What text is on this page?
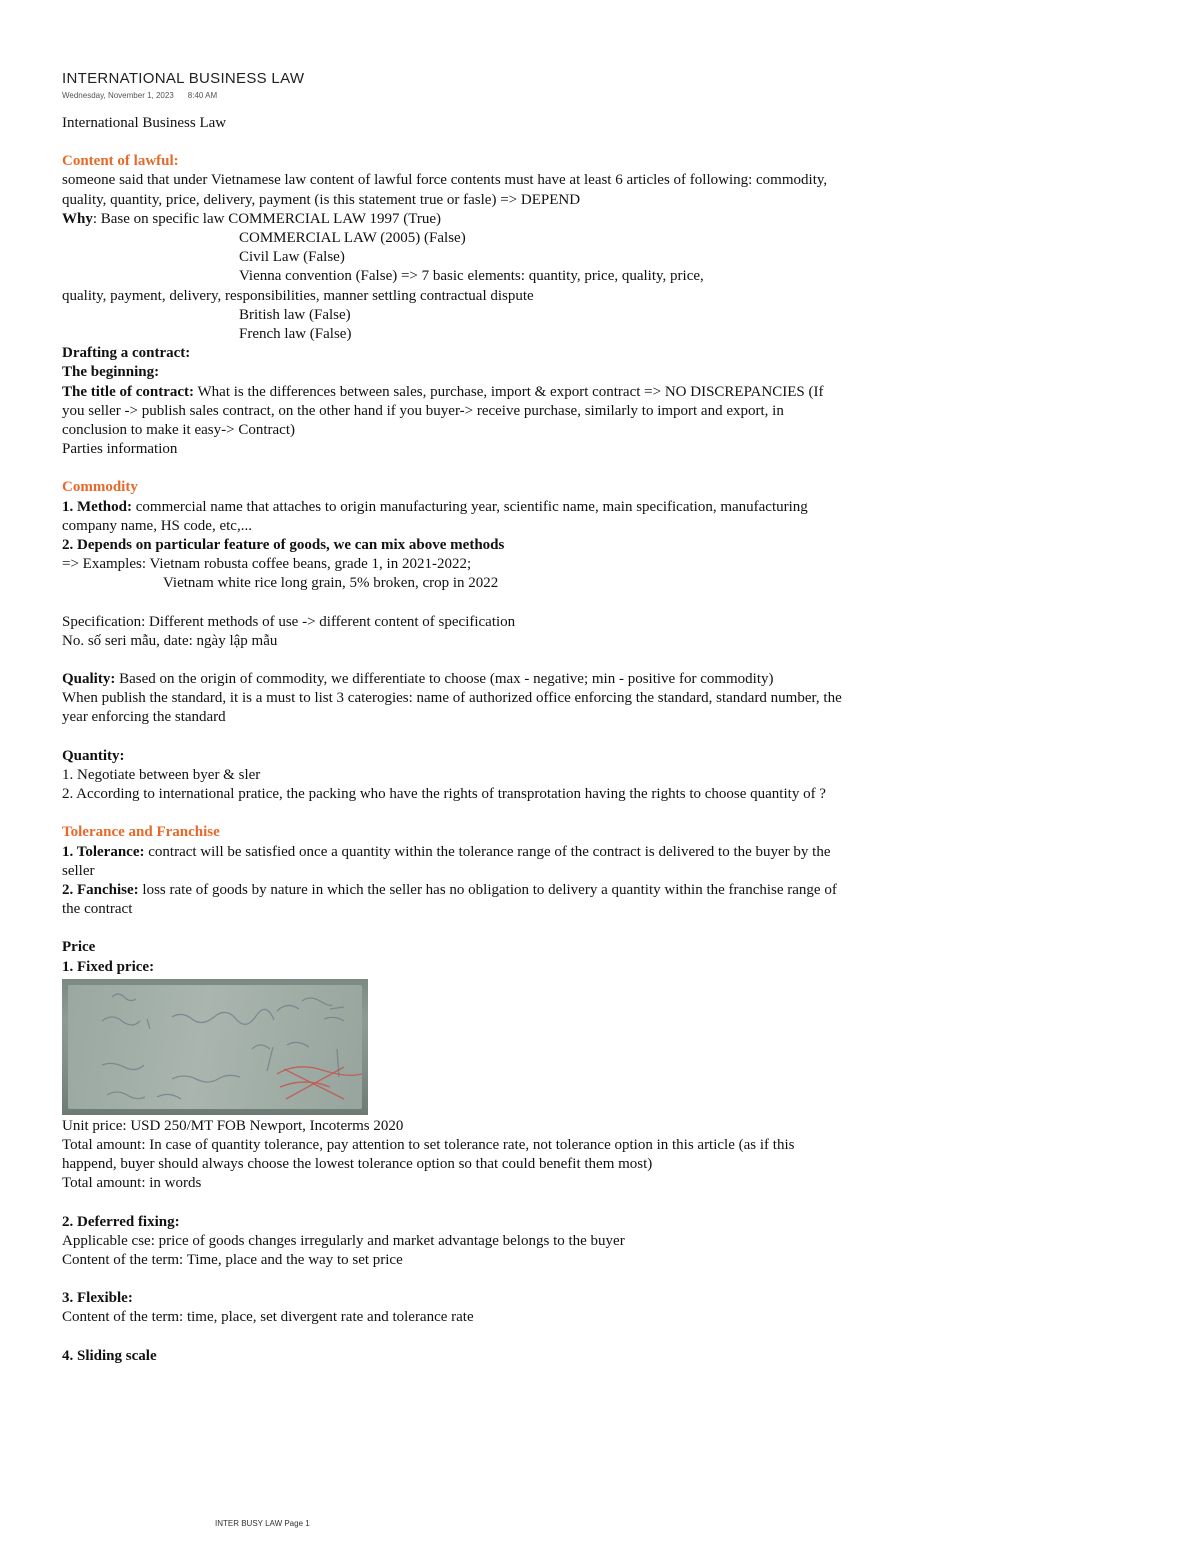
INTERNATIONAL BUSINESS LAW

Wednesday, November 1, 2023 8:40 AM

International Business Law

Content of lawful:

someone said that under Vietnamese law content of lawful force contents must have at least 6 articles of following: commodity, quality, quantity, price, delivery, payment (is this statement true or fasle) => DEPEND

Why: Base on specific law COMMERCIAL LAW 1997 (True)

COMMERCIAL LAW (2005) (False)

Civil Law (False)

Vienna convention (False) => 7 basic elements: quantity, price, quality, price,

quality, payment, delivery, responsibilities, manner settling contractual dispute

British law (False)

French law (False)

Drafting a contract:

The beginning:

The title of contract: What is the differences between sales, purchase, import & export contract => NO DISCREPANCIES (If you seller -> publish sales contract, on the other hand if you buyer-> receive purchase, similarly to import and export, in conclusion to make it easy-> Contract)

Parties information

Commodity

1. Method: commercial name that attaches to origin manufacturing year, scientific name, main specification, manufacturing company name, HS code, etc,...

2. Depends on particular feature of goods, we can mix above methods

=> Examples: Vietnam robusta coffee beans, grade 1, in 2021-2022;

Vietnam white rice long grain, 5% broken, crop in 2022

Specification: Different methods of use -> different content of specification

No. số seri mẫu, date: ngày lập mẫu

Quality: Based on the origin of commodity, we differentiate to choose (max - negative; min - positive for commodity)

When publish the standard, it is a must to list 3 caterogies: name of authorized office enforcing the standard, standard number, the year enforcing the standard

Quantity:

1. Negotiate between byer & sler

2. According to international pratice, the packing who have the rights of transprotation having the rights to choose quantity of ?

Tolerance and Franchise

1. Tolerance: contract will be satisfied once a quantity within the tolerance range of the contract is delivered to the buyer by the seller

2. Fanchise: loss rate of goods by nature in which the seller has no obligation to delivery a quantity within the franchise range of the contract

Price

1. Fixed price:

Unit price: USD 250/MT FOB Newport, Incoterms 2020

Total amount: In case of quantity tolerance, pay attention to set tolerance rate, not tolerance option in this article (as if this happend, buyer should always choose the lowest tolerance option so that could benefit them most)

Total amount: in words

2. Deferred fixing:

Applicable cse: price of goods changes irregularly and market advantage belongs to the buyer

Content of the term: Time, place and the way to set price

3. Flexible:

Content of the term: time, place, set divergent rate and tolerance rate

4. Sliding scale

INTER BUSY LAW Page 1
